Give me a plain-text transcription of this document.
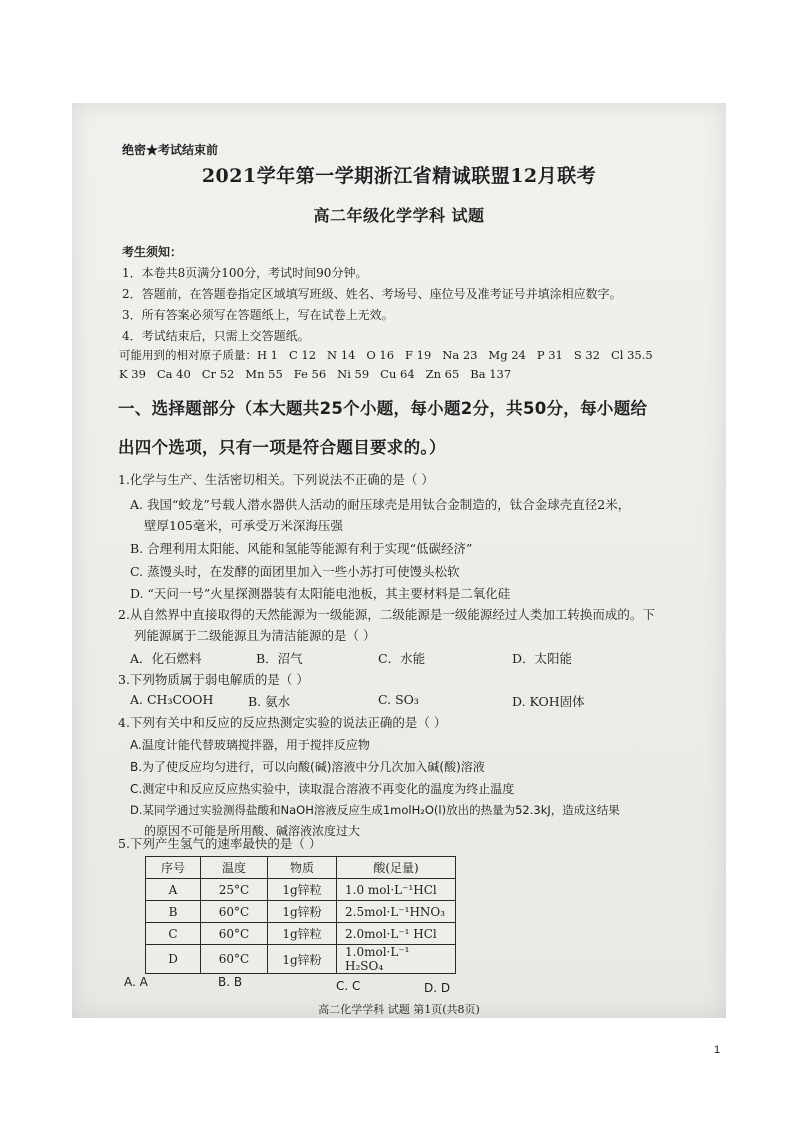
绝密★考试结束前
2021学年第一学期浙江省精诚联盟12月联考
高二年级化学学科 试题
考生须知：
1．本卷共8页满分100分，考试时间90分钟。
2．答题前，在答题卷指定区域填写班级、姓名、考场号、座位号及准考证号并填涂相应数字。
3．所有答案必须写在答题纸上，写在试卷上无效。
4．考试结束后，只需上交答题纸。
可能用到的相对原子质量：H 1   C 12   N 14   O 16   F 19   Na 23   Mg 24   P 31   S 32   Cl 35.5
K 39   Ca 40   Cr 52   Mn 55   Fe 56   Ni 59   Cu 64   Zn 65   Ba 137
一、选择题部分（本大题共25个小题，每小题2分，共50分，每小题给
出四个选项，只有一项是符合题目要求的。）
1.化学与生产、生活密切相关。下列说法不正确的是（ ）
A. 我国“蛟龙”号载人潜水器供人活动的耐压球壳是用钛合金制造的，钛合金球壳直径2米，
壁厚105毫米，可承受万米深海压强
B. 合理利用太阳能、风能和氢能等能源有利于实现“低碳经济”
C. 蒸馒头时，在发酵的面团里加入一些小苏打可使馒头松软
D. “天问一号”火星探测器装有太阳能电池板，其主要材料是二氧化硅
2.从自然界中直接取得的天然能源为一级能源，二级能源是一级能源经过人类加工转换而成的。下
列能源属于二级能源且为清洁能源的是（ ）
A．化石燃料	B．沼气	C．水能	D．太阳能
3.下列物质属于弱电解质的是（ ）
A. CH₃COOH	B. 氨水	C. SO₃	D. KOH固体
4.下列有关中和反应的反应热测定实验的说法正确的是（ ）
A.温度计能代替玻璃搅拌器，用于搅拌反应物
B.为了使反应均匀进行，可以向酸(碱)溶液中分几次加入碱(酸)溶液
C.测定中和反应反应热实验中，读取混合溶液不再变化的温度为终止温度
D.某同学通过实验测得盐酸和NaOH溶液反应生成1molH₂O(l)放出的热量为52.3kJ，造成这结果
的原因不可能是所用酸、碱溶液浓度过大
5.下列产生氢气的速率最快的是（ ）
序号	温度	物质	酸(足量)
A	25°C	1g锌粒	1.0 mol·L⁻¹HCl
B	60°C	1g锌粉	2.5mol·L⁻¹HNO₃
C	60°C	1g锌粒	2.0mol·L⁻¹ HCl
D	60°C	1g锌粉	1.0mol·L⁻¹ H₂SO₄
A. A	B. B	C. C	D. D
高二化学学科 试题 第1页(共8页)
1
